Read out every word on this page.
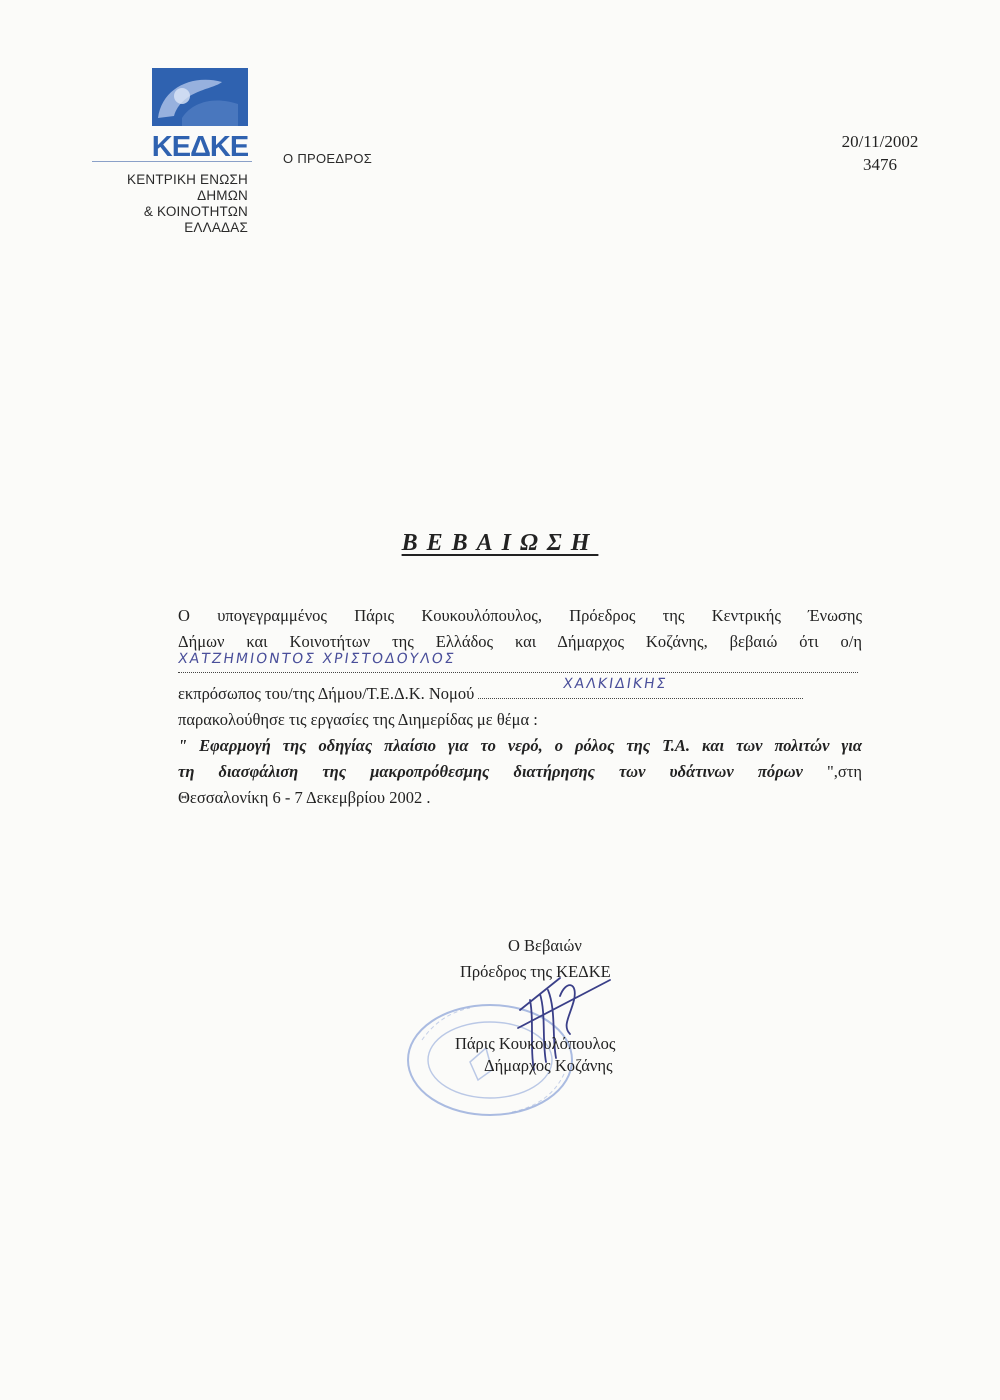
ΚΕΔΚΕ
ΚΕΝΤΡΙΚΗ ΕΝΩΣΗ
ΔΗΜΩΝ
& ΚΟΙΝΟΤΗΤΩΝ
ΕΛΛΑΔΑΣ
Ο ΠΡΟΕΔΡΟΣ
20/11/2002
3476
ΒΕΒΑΙΩΣΗ
Ο υπογεγραμμένος Πάρις Κουκουλόπουλος, Πρόεδρος της Κεντρικής Ένωσης
Δήμων και Κοινοτήτων της Ελλάδος και Δήμαρχος Κοζάνης, βεβαιώ ότι ο/η
ΧΑΤΖΗΜΙΟΝΤΟΣ ΧΡΙΣΤΟΔΟΥΛΟΣ
εκπρόσωπος του/της Δήμου/Τ.Ε.Δ.Κ. Νομού	ΧΑΛΚΙΔΙΚΗΣ
παρακολούθησε τις εργασίες της Διημερίδας με θέμα :
" Εφαρμογή της οδηγίας πλαίσιο για το νερό, ο ρόλος της Τ.Α. και των πολιτών για
τη διασφάλιση της μακροπρόθεσμης διατήρησης των υδάτινων πόρων ",στη
Θεσσαλονίκη 6 - 7 Δεκεμβρίου 2002 .
Ο Βεβαιών
Πρόεδρος της ΚΕΔΚΕ
Πάρις Κουκουλόπουλος
Δήμαρχος Κοζάνης
